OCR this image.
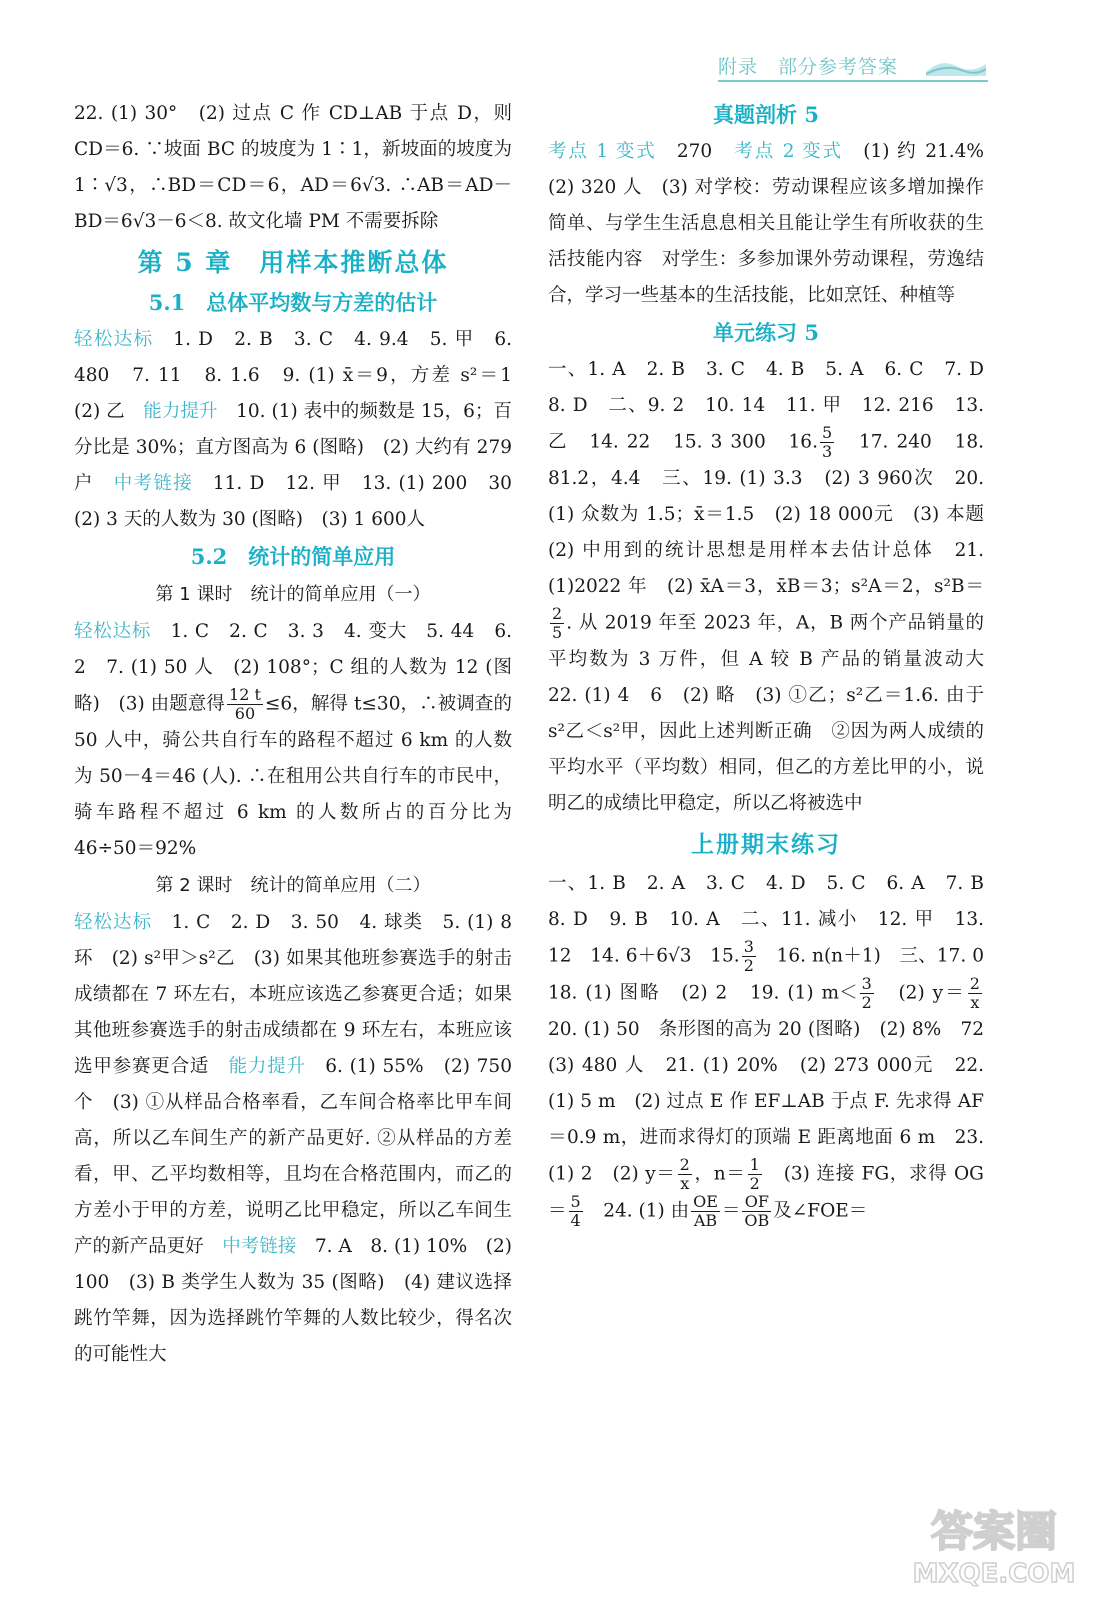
附录　部分参考答案

22. (1) 30°　(2) 过点 C 作 CD⊥AB 于点 D，则 CD＝6. ∵坡面 BC 的坡度为 1∶1，新坡面的坡度为 1∶√3，∴BD＝CD＝6，AD＝6√3. ∴AB＝AD－BD＝6√3－6＜8. 故文化墙 PM 不需要拆除

第 5 章　用样本推断总体
5.1　总体平均数与方差的估计

轻松达标　 1. D　2. B　3. C　4. 9.4　5. 甲　6. 480　7. 11　8. 1.6　9. (1) x̄＝9，方差 s²＝1　(2) 乙　 能力提升　 10. (1) 表中的频数是 15，6；百分比是 30%；直方图高为 6 (图略)　(2) 大约有 279 户　 中考链接　 11. D　12. 甲　13. (1) 200　30　(2) 3 天的人数为 30 (图略)　(3) 1 600人

5.2　统计的简单应用
第 1 课时　统计的简单应用（一）

轻松达标　 1. C　2. C　3. 3　4. 变大　5. 44　6. 2　7. (1) 50 人　(2) 108°；C 组的人数为 12 (图略)　(3) 由题意得 $\frac{12 t}{60} \le 6$，解得 t≤30，∴被调查的 50 人中，骑公共自行车的路程不超过 6 km 的人数为 50－4＝46 (人). ∴在租用公共自行车的市民中，骑车路程不超过 6 km 的人数所占的百分比为 46÷50＝92%

第 2 课时　统计的简单应用（二）

轻松达标　 1. C　2. D　3. 50　4. 球类　5. (1) 8 环　(2) s²甲＞s²乙　(3) 如果其他班参赛选手的射击成绩都在 7 环左右，本班应该选乙参赛更合适；如果其他班参赛选手的射击成绩都在 9 环左右，本班应该选甲参赛更合适　 能力提升　 6. (1) 55%　(2) 750 个　(3) ①从样品合格率看，乙车间合格率比甲车间高，所以乙车间生产的新产品更好. ②从样品的方差看，甲、乙平均数相等，且均在合格范围内，而乙的方差小于甲的方差，说明乙比甲稳定，所以乙车间生产的新产品更好　 中考链接　 7. A　8. (1) 10%　(2) 100　(3) B 类学生人数为 35 (图略)　(4) 建议选择跳竹竿舞，因为选择跳竹竿舞的人数比较少，得名次的可能性大

真题剖析 5

考点 1 变式　 270　 考点 2 变式　 (1) 约 21.4%　(2) 320 人　(3) 对学校：劳动课程应该多增加操作简单、与学生生活息息相关且能让学生有所收获的生活技能内容　对学生：多参加课外劳动课程，劳逸结合，学习一些基本的生活技能，比如烹饪、种植等

单元练习 5

一、1. A　2. B　3. C　4. B　5. A　6. C　7. D　8. D　二、9. 2　10. 14　11. 甲　12. 216　13. 乙　14. 22　15. 3 300　16. $\frac{5}{3}$
　 17. 240　18. 81.2，4.4　三、19. (1) 3.3　(2) 3 960次　20. (1) 众数为 1.5；x̄＝1.5　(2) 18 000元　(3) 本题　(2) 中用到的统计思想是用样本去估计总体　21. (1)2022 年　(2) x̄A＝3，x̄B＝3；s²A＝2，s²B＝
$\frac{2}{5}$ . 从 2019 年至 2023 年，A，B 两个产品销量的平均数为 3 万件，但 A 较 B 产品的销量波动大　22. (1) 4　6　(2) 略　(3) ①乙；s²乙＝1.6. 由于 s²乙＜s²甲，因此上述判断正确　②因为两人成绩的平均水平（平均数）相同，但乙的方差比甲的小，说明乙的成绩比甲稳定，所以乙将被选中

上册期末练习

一、1. B　2. A　3. C　4. D　5. C　6. A　7. B　8. D　9. B　10. A　二、11. 减小　12. 甲　13. 12　14. 6＋6√3　15. $\frac{3}{2}$
　 16. n(n＋1)　三、17. 0　18. (1) 图略　(2) 2　19. (1) $m< \frac{3}{2}$
　 (2) $y= \frac{2}{x}$
　20. (1) 50　条形图的高为 20 (图略)　(2) 8%　72　(3) 480 人　21. (1) 20%　(2) 273 000元　22. (1) 5 m　(2) 过点 E 作 EF⊥AB 于点 F. 先求得 AF＝0.9 m，进而求得灯的顶端 E 距离地面 6 m　23. (1) 2　(2) $y= \frac{2}{x}$ ，$n= \frac{1}{2}$
　 (3) 连接 FG，求得 $OG= \frac{5}{4}$
　 24. (1) 由 $\frac{OE}{AB} = \frac{OF}{OB}$ 及∠FOE＝

答案圈
MXQE.COM
